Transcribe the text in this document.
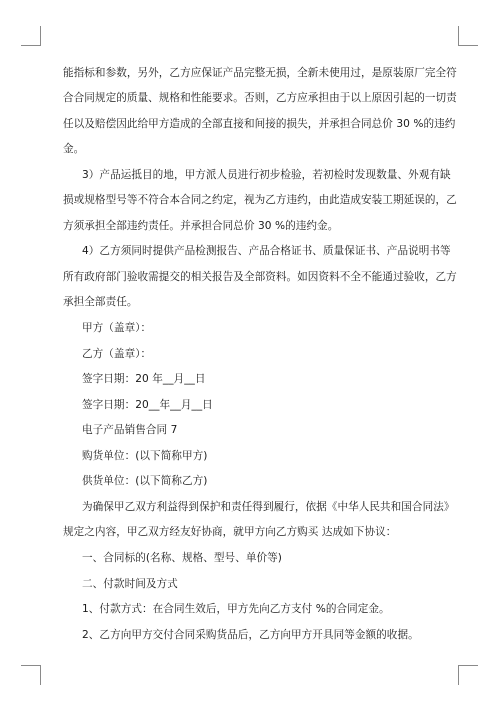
能指标和参数，另外，乙方应保证产品完整无损，全新未使用过，是原装原厂完全符
合合同规定的质量、规格和性能要求。否则，乙方应承担由于以上原因引起的一切责
任以及赔偿因此给甲方造成的全部直接和间接的损失，并承担合同总价 30 %的违约
金。
3）产品运抵目的地，甲方派人员进行初步检验，若初检时发现数量、外观有缺
损或规格型号等不符合本合同之约定，视为乙方违约，由此造成安装工期延误的，乙
方须承担全部违约责任。并承担合同总价 30 %的违约金。
4）乙方须同时提供产品检测报告、产品合格证书、质量保证书、产品说明书等
所有政府部门验收需提交的相关报告及全部资料。如因资料不全不能通过验收，乙方
承担全部责任。
甲方（盖章）：
乙方（盖章）：
签字日期：20 年__月__日
签字日期：20__年__月__日
电子产品销售合同 7
购货单位：(以下简称甲方)
供货单位：(以下简称乙方)
为确保甲乙双方利益得到保护和责任得到履行，依据《中华人民共和国合同法》
规定之内容，甲乙双方经友好协商，就甲方向乙方购买 达成如下协议：
一、合同标的(名称、规格、型号、单价等)
二、付款时间及方式
1、付款方式：在合同生效后，甲方先向乙方支付 %的合同定金。
2、乙方向甲方交付合同采购货品后，乙方向甲方开具同等金额的收据。
